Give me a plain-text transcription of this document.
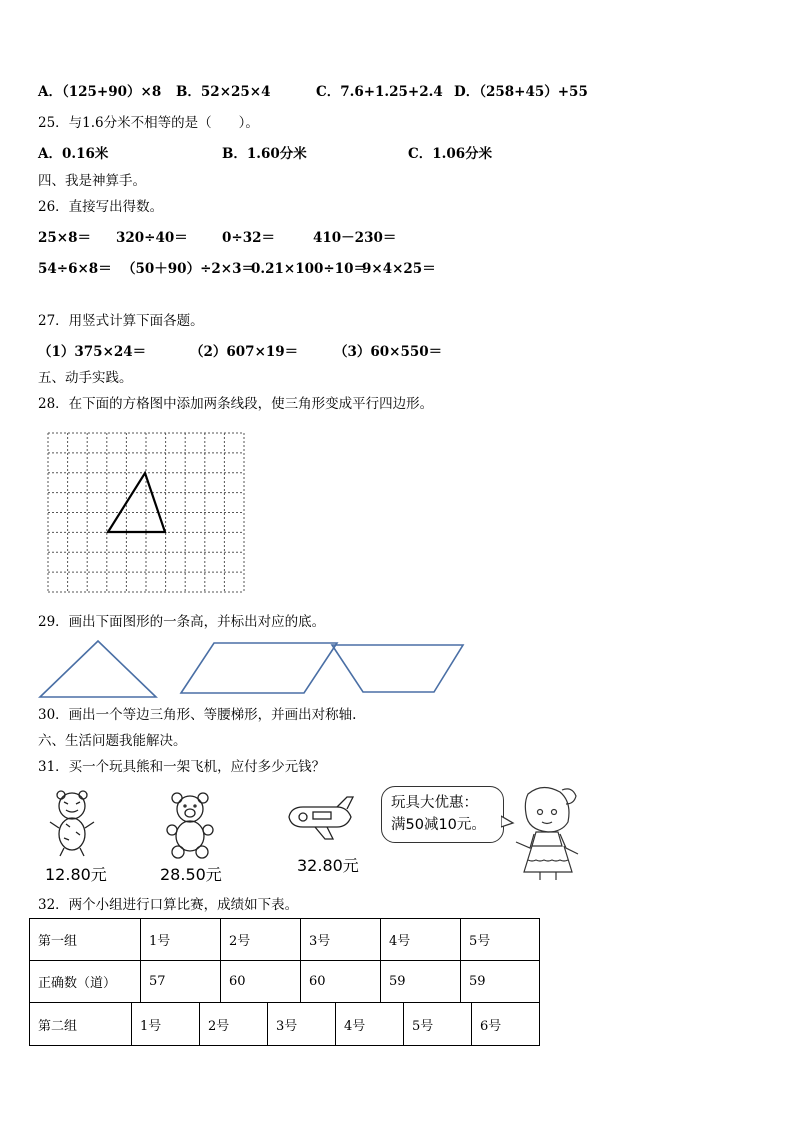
A．（125+90）×8 B．52×25×4	C．7.6+1.25+2.4 D．（258+45）+55
25．与1.6分米不相等的是（　　）。
A．0.16米	B．1.60分米	C．1.06分米
四、我是神算手。
26．直接写出得数。
25×8＝ 320÷40＝	0÷32＝	410－230＝
54÷6×8＝ （50＋90）÷2×3＝
0.21×100÷10＝
9×4×25＝
27．用竖式计算下面各题。
（1）375×24＝	（2）607×19＝	（3）60×550＝
五、动手实践。
28．在下面的方格图中添加两条线段，使三角形变成平行四边形。
29．画出下面图形的一条高，并标出对应的底。
30．画出一个等边三角形、等腰梯形，并画出对称轴.
六、生活问题我能解决。
31．买一个玩具熊和一架飞机，应付多少元钱？
12.80元	28.50元	32.80元
玩具大优惠：
满50减10元。
32．两个小组进行口算比赛，成绩如下表。
第一组	1号	2号	3号	4号	5号
正确数（道）	57	60	60	59	59
第二组	1号	2号	3号	4号	5号	6号
